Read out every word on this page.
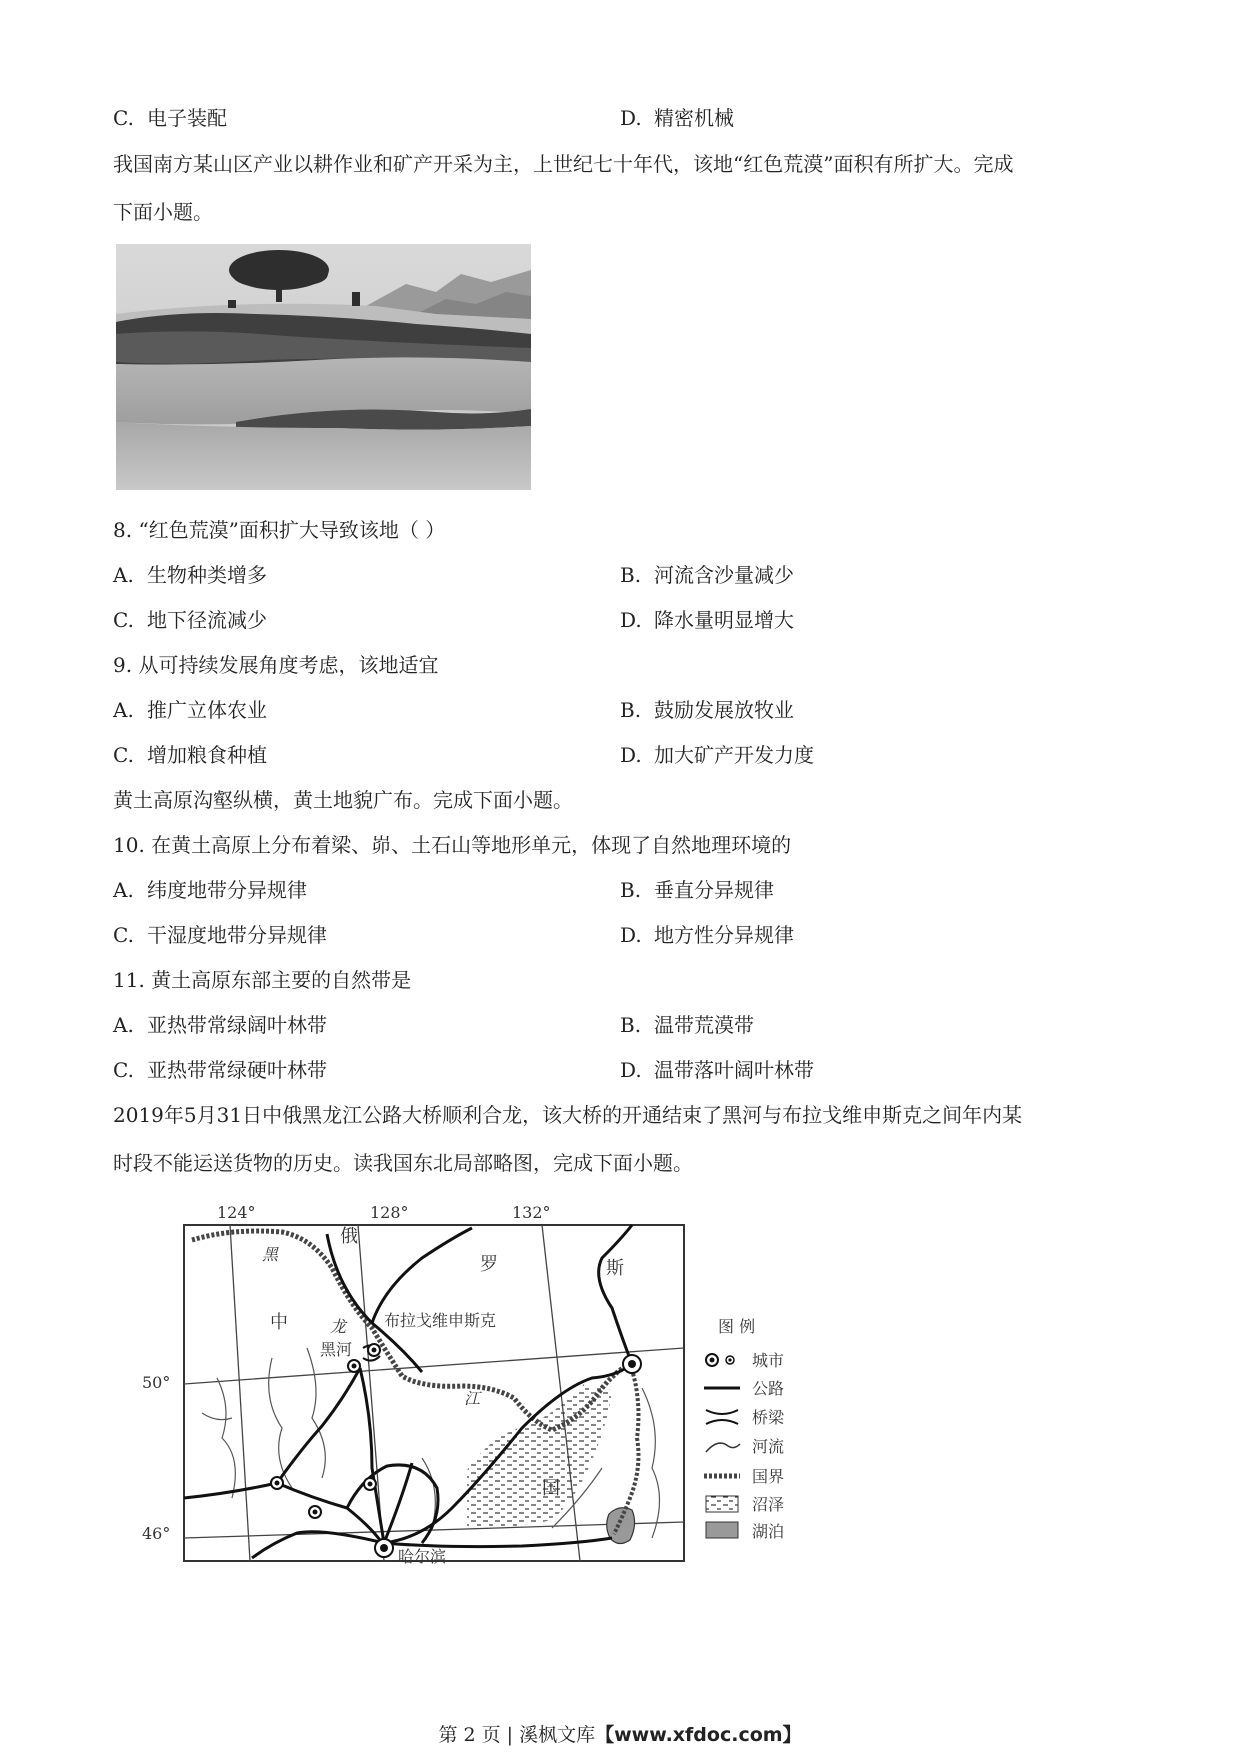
C. 电子装配	D. 精密机械
我国南方某山区产业以耕作业和矿产开采为主，上世纪七十年代，该地“红色荒漠”面积有所扩大。完成
下面小题。
8. “红色荒漠”面积扩大导致该地（ ）
A. 生物种类增多	B. 河流含沙量减少
C. 地下径流减少	D. 降水量明显增大
9. 从可持续发展角度考虑，该地适宜
A. 推广立体农业	B. 鼓励发展放牧业
C. 增加粮食种植	D. 加大矿产开发力度
黄土高原沟壑纵横，黄土地貌广布。完成下面小题。
10. 在黄土高原上分布着梁、峁、土石山等地形单元，体现了自然地理环境的
A. 纬度地带分异规律	B. 垂直分异规律
C. 干湿度地带分异规律	D. 地方性分异规律
11. 黄土高原东部主要的自然带是
A. 亚热带常绿阔叶林带	B. 温带荒漠带
C. 亚热带常绿硬叶林带	D. 温带落叶阔叶林带
2019年5月31日中俄黑龙江公路大桥顺利合龙，该大桥的开通结束了黑河与布拉戈维申斯克之间年内某
时段不能运送货物的历史。读我国东北局部略图，完成下面小题。
124°	128°	132°
50°
46°
俄
罗	斯
黑
龙
江
中
国
布拉戈维申斯克
黑河
哈尔滨
图 例
城市
公路
桥梁
河流
国界
沼泽
湖泊
第 2 页 | 溪枫文库【www.xfdoc.com】
